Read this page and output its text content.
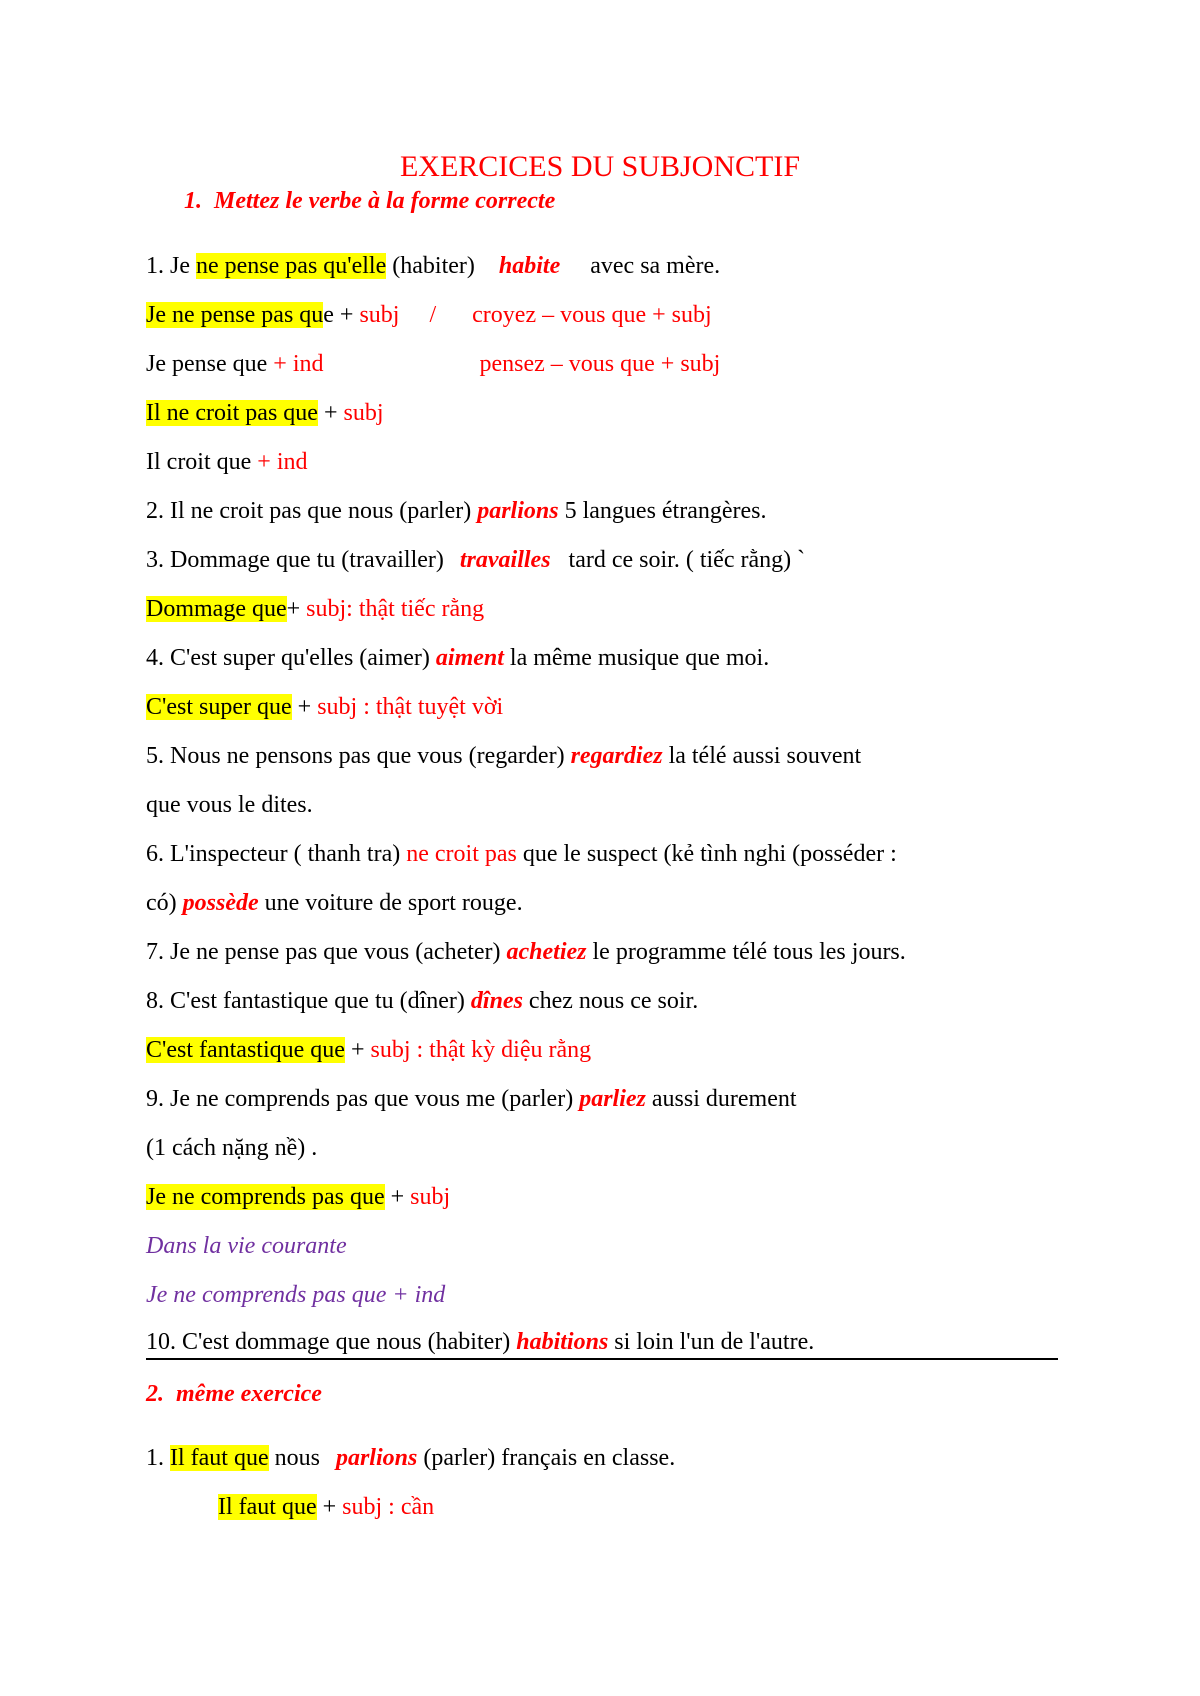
EXERCICES DU SUBJONCTIF
1. Mettez le verbe à la forme correcte
1. Je ne pense pas qu'elle (habiter) habite avec sa mère.
Je ne pense pas que + subj / croyez – vous que + subj
Je pense que + ind	pensez – vous que + subj
Il ne croit pas que + subj
Il croit que + ind
2. Il ne croit pas que nous (parler) parlions 5 langues étrangères.
3. Dommage que tu (travailler) travailles tard ce soir. ( tiếc rằng) `
Dommage que+ subj: thật tiếc rằng
4. C'est super qu'elles (aimer) aiment la même musique que moi.
C'est super que + subj : thật tuyệt vời
5. Nous ne pensons pas que vous (regarder) regardiez la télé aussi souvent
que vous le dites.
6. L'inspecteur ( thanh tra) ne croit pas que le suspect (kẻ tình nghi (posséder :
có) possède une voiture de sport rouge.
7. Je ne pense pas que vous (acheter) achetiez le programme télé tous les jours.
8. C'est fantastique que tu (dîner) dînes chez nous ce soir.
C'est fantastique que + subj : thật kỳ diệu rằng
9. Je ne comprends pas que vous me (parler) parliez aussi durement
(1 cách nặng nề) .
Je ne comprends pas que + subj
Dans la vie courante
Je ne comprends pas que + ind
10. C'est dommage que nous (habiter) habitions si loin l'un de l'autre.
2. même exercice
1. Il faut que nous parlions (parler) français en classe.
Il faut que + subj : cần
